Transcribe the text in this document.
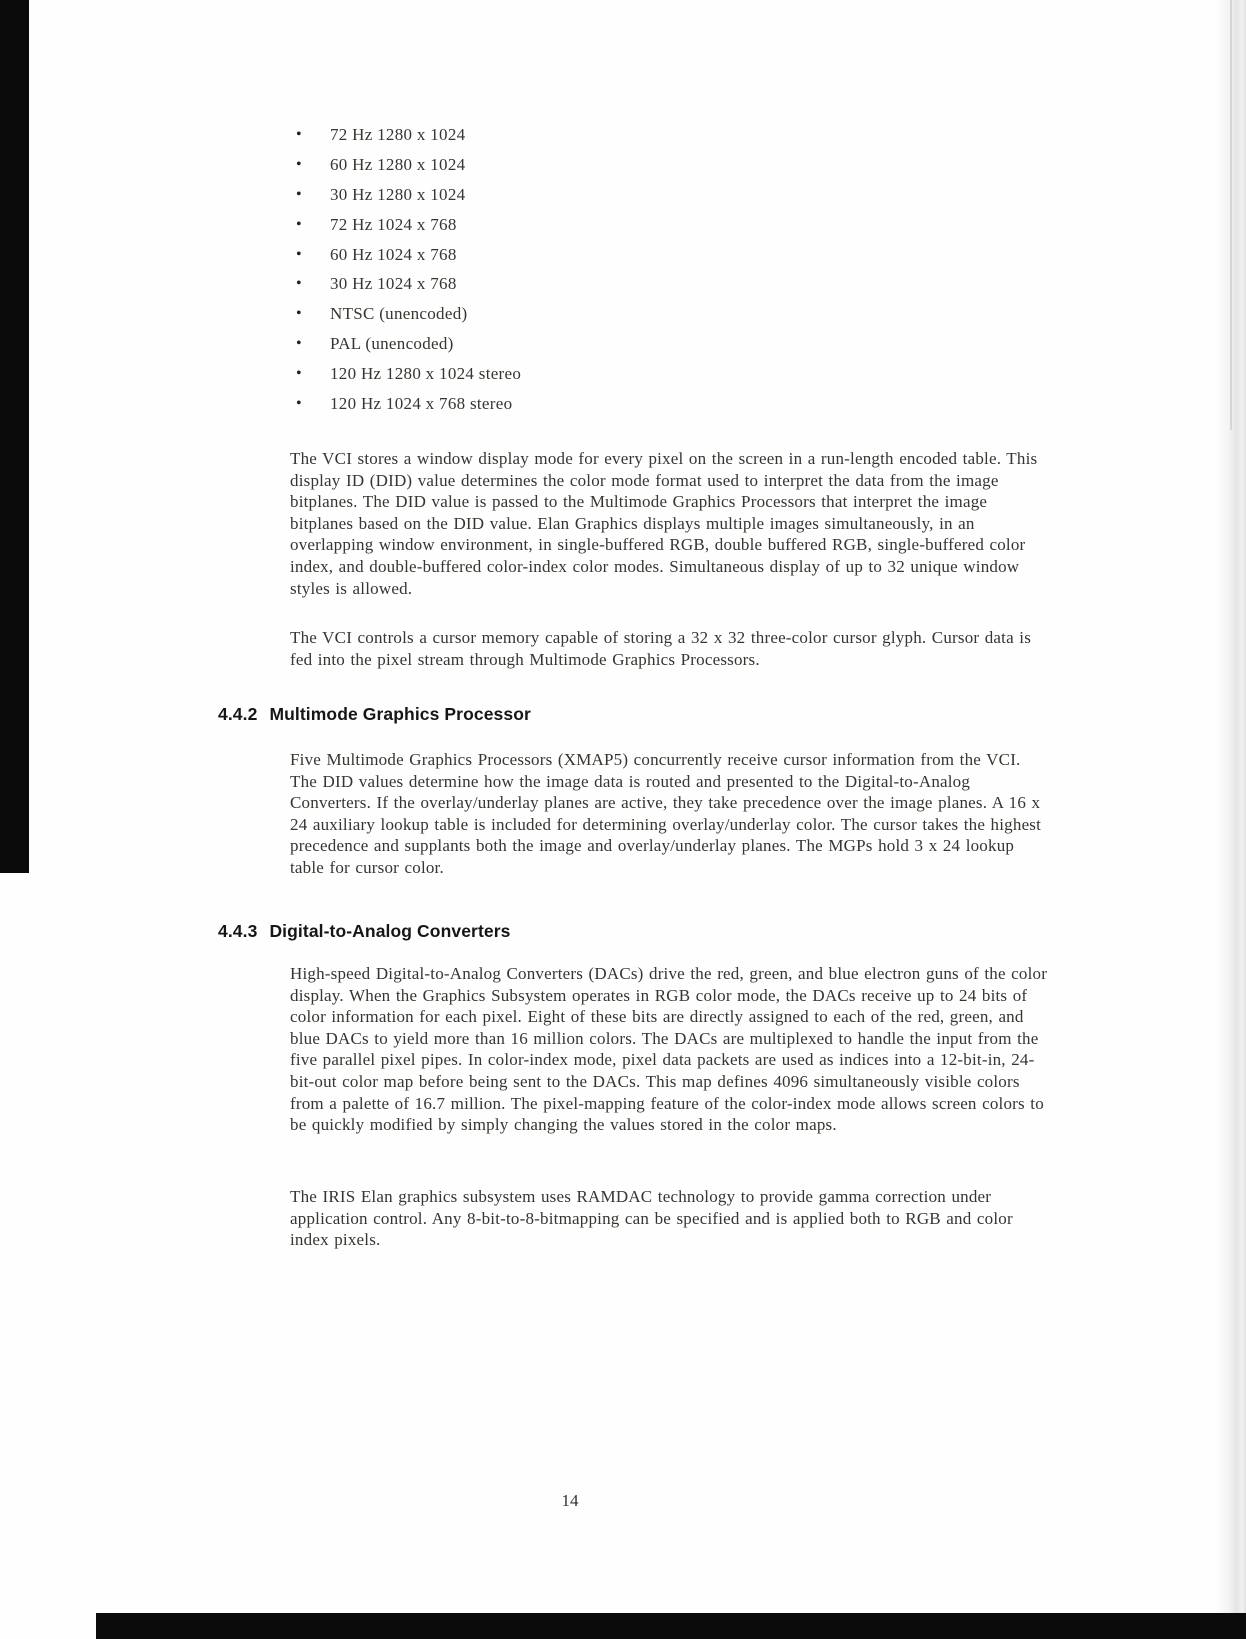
•	72 Hz 1280 x 1024
•	60 Hz 1280 x 1024
•	30 Hz 1280 x 1024
•	72 Hz 1024 x 768
•	60 Hz 1024 x 768
•	30 Hz 1024 x 768
•	NTSC (unencoded)
•	PAL (unencoded)
•	120 Hz 1280 x 1024 stereo
•	120 Hz 1024 x 768 stereo

The VCI stores a window display mode for every pixel on the screen in a run-length encoded table. This display ID (DID) value determines the color mode format used to interpret the data from the image bitplanes. The DID value is passed to the Multimode Graphics Processors that interpret the image bitplanes based on the DID value. Elan Graphics displays multiple images simultaneously, in an overlapping window environment, in single-buffered RGB, double buffered RGB, single-buffered color index, and double-buffered color-index color modes. Simultaneous display of up to 32 unique window styles is allowed.

The VCI controls a cursor memory capable of storing a 32 x 32 three-color cursor glyph. Cursor data is fed into the pixel stream through Multimode Graphics Processors.

4.4.2 Multimode Graphics Processor

Five Multimode Graphics Processors (XMAP5) concurrently receive cursor information from the VCI. The DID values determine how the image data is routed and presented to the Digital-to-Analog Converters. If the overlay/underlay planes are active, they take precedence over the image planes. A 16 x 24 auxiliary lookup table is included for determining overlay/underlay color. The cursor takes the highest precedence and supplants both the image and overlay/underlay planes. The MGPs hold 3 x 24 lookup table for cursor color.

4.4.3 Digital-to-Analog Converters

High-speed Digital-to-Analog Converters (DACs) drive the red, green, and blue electron guns of the color display. When the Graphics Subsystem operates in RGB color mode, the DACs receive up to 24 bits of color information for each pixel. Eight of these bits are directly assigned to each of the red, green, and blue DACs to yield more than 16 million colors. The DACs are multiplexed to handle the input from the five parallel pixel pipes. In color-index mode, pixel data packets are used as indices into a 12-bit-in, 24-bit-out color map before being sent to the DACs. This map defines 4096 simultaneously visible colors from a palette of 16.7 million. The pixel-mapping feature of the color-index mode allows screen colors to be quickly modified by simply changing the values stored in the color maps.

The IRIS Elan graphics subsystem uses RAMDAC technology to provide gamma correction under application control. Any 8-bit-to-8-bitmapping can be specified and is applied both to RGB and color index pixels.

14
